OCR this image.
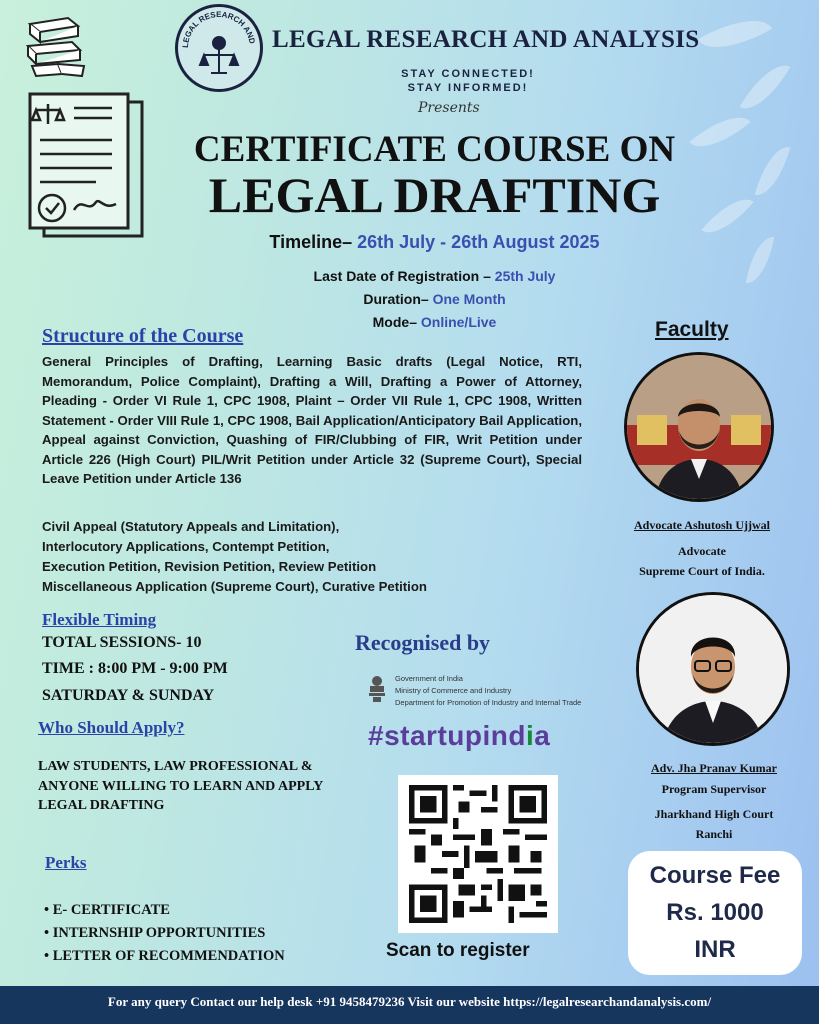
LEGAL RESEARCH AND LEGAL RESEARCH AND ANALYSIS
STAY CONNECTED!
STAY INFORMED!
Presents
CERTIFICATE COURSE ON
LEGAL DRAFTING
Timeline– 26th July - 26th August 2025
Last Date of Registration – 25th July
Duration– One Month
Mode– Online/Live
Structure of the Course
General Principles of Drafting, Learning Basic drafts (Legal Notice, RTI, Memorandum, Police Complaint), Drafting a Will, Drafting a Power of Attorney, Pleading - Order VI Rule 1, CPC 1908, Plaint – Order VII Rule 1, CPC 1908, Written Statement - Order VIII Rule 1, CPC 1908, Bail Application/Anticipatory Bail Application, Appeal against Conviction, Quashing of FIR/Clubbing of FIR, Writ Petition under Article 226 (High Court) PIL/Writ Petition under Article 32 (Supreme Court), Special Leave Petition under Article 136
Civil Appeal (Statutory Appeals and Limitation),
Interlocutory Applications, Contempt Petition,
Execution Petition, Revision Petition, Review Petition
Miscellaneous Application (Supreme Court), Curative Petition
Faculty
Advocate Ashutosh Ujjwal
Advocate
Supreme Court of India.
Adv. Jha Pranav Kumar
Program Supervisor
Jharkhand High Court
Ranchi
Flexible Timing
TOTAL SESSIONS- 10
TIME : 8:00 PM - 9:00 PM
SATURDAY & SUNDAY
Who Should Apply?
LAW STUDENTS, LAW PROFESSIONAL & ANYONE WILLING TO LEARN AND APPLY LEGAL DRAFTING
Perks
• E- CERTIFICATE
• INTERNSHIP OPPORTUNITIES
• LETTER OF RECOMMENDATION
Recognised by
Government of India
Ministry of Commerce and Industry
Department for Promotion of Industry and Internal Trade
#startupindia
Scan to register
Course Fee
Rs. 1000
INR
For any query Contact our help desk +91 9458479236 Visit our website https://legalresearchandanalysis.com/
